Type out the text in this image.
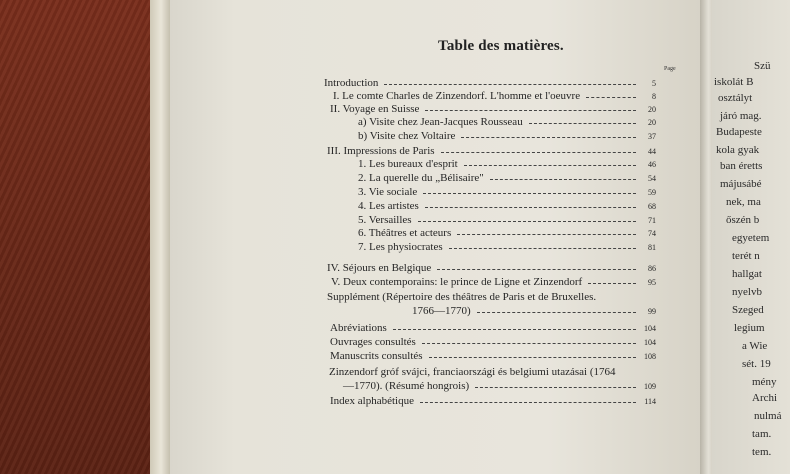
Table des matières.
Page
Introduction	5
I. Le comte Charles de Zinzendorf. L'homme et l'oeuvre	8
II. Voyage en Suisse	20
a) Visite chez Jean-Jacques Rousseau	20
b) Visite chez Voltaire	37
III. Impressions de Paris	44
1. Les bureaux d'esprit	46
2. La querelle du „Bélisaire"	54
3. Vie sociale	59
4. Les artistes	68
5. Versailles	71
6. Théâtres et acteurs	74
7. Les physiocrates	81
IV. Séjours en Belgique	86
V. Deux contemporains: le prince de Ligne et Zinzendorf	95
Supplément (Répertoire des théâtres de Paris et de Bruxelles.
1766—1770)	99
Abréviations	104
Ouvrages consultés	104
Manuscrits consultés	108
Zinzendorf gróf svájci, franciaországi és belgiumi utazásai (1764
—1770). (Résumé hongrois)	109
Index alphabétique	114
Szü
iskolát B
osztályt
járó mag.
Budapeste
kola gyak
ban éretts
májusábé
nek, ma
őszén b
egyetem
terét n
hallgat
nyelvb
Szeged
legium
a Wie
sét. 19
mény
Archi
nulmá
tam.
tem.
